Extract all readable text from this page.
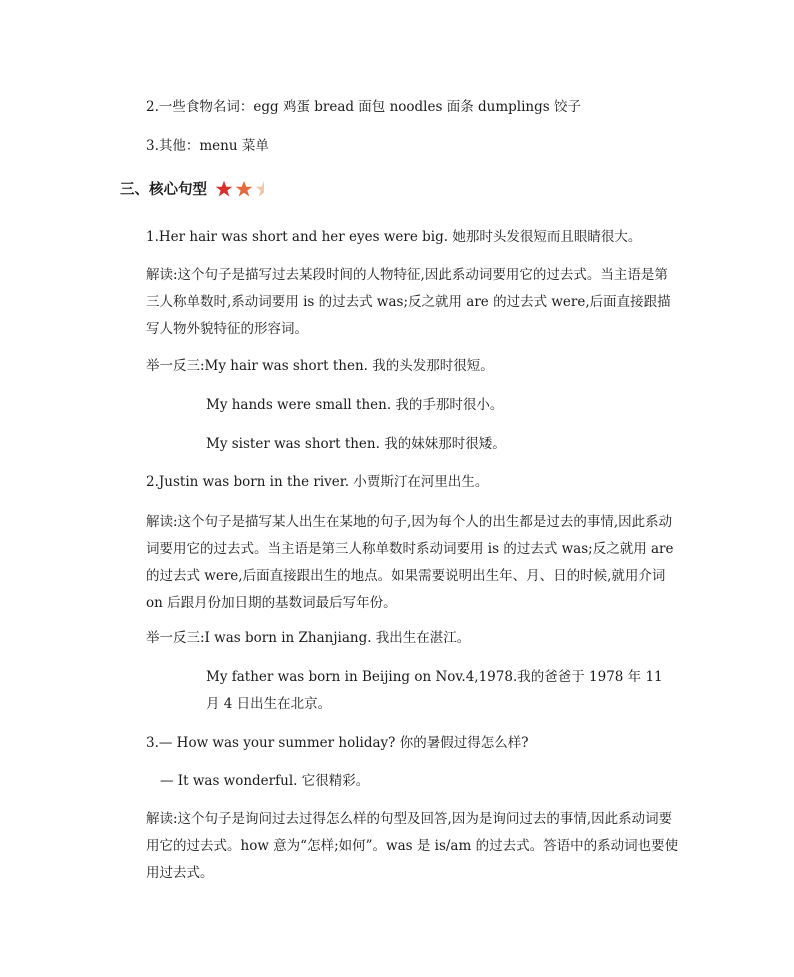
2.一些食物名词：egg 鸡蛋 bread 面包 noodles 面条 dumplings 饺子
3.其他：menu 菜单
三、核心句型
1.Her hair was short and her eyes were big. 她那时头发很短而且眼睛很大。
解读:这个句子是描写过去某段时间的人物特征,因此系动词要用它的过去式。当主语是第三人称单数时,系动词要用 is 的过去式 was;反之就用 are 的过去式 were,后面直接跟描写人物外貌特征的形容词。
举一反三:My hair was short then. 我的头发那时很短。
My hands were small then. 我的手那时很小。
My sister was short then. 我的妹妹那时很矮。
2.Justin was born in the river. 小贾斯汀在河里出生。
解读:这个句子是描写某人出生在某地的句子,因为每个人的出生都是过去的事情,因此系动词要用它的过去式。当主语是第三人称单数时系动词要用 is 的过去式 was;反之就用 are 的过去式 were,后面直接跟出生的地点。如果需要说明出生年、月、日的时候,就用介词 on 后跟月份加日期的基数词最后写年份。
举一反三:I was born in Zhanjiang. 我出生在湛江。
My father was born in Beijing on Nov.4,1978.我的爸爸于 1978 年 11 月 4 日出生在北京。
3.— How was your summer holiday? 你的暑假过得怎么样?
— It was wonderful. 它很精彩。
解读:这个句子是询问过去过得怎么样的句型及回答,因为是询问过去的事情,因此系动词要用它的过去式。how 意为“怎样;如何”。was 是 is/am 的过去式。答语中的系动词也要使用过去式。
